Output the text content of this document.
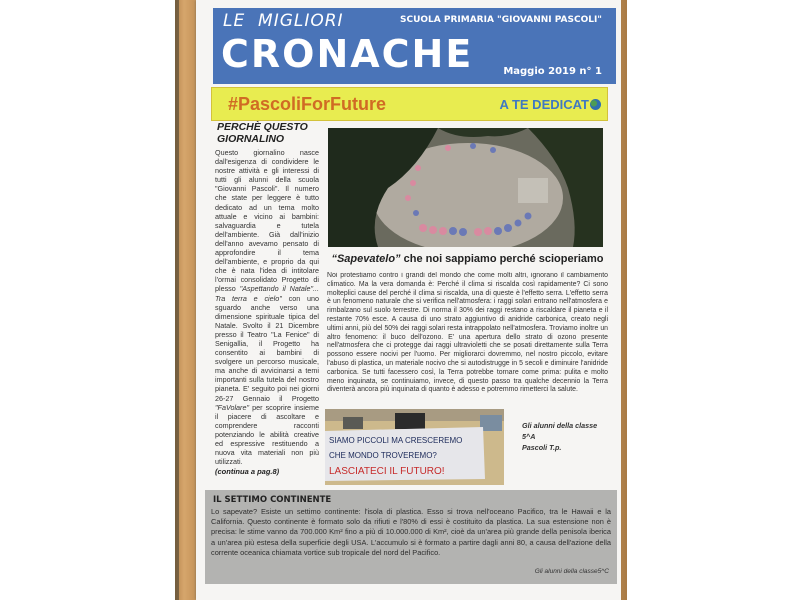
LE  MIGLIORI	SCUOLA PRIMARIA "GIOVANNI PASCOLI"
CRONACHE	Maggio 2019 n° 1
#PascoliForFuture	A TE DEDICAT
PERCHÈ QUESTO GIORNALINO
Questo giornalino nasce dall'esigenza di condividere le nostre attività e gli interessi di tutti gli alunni della scuola "Giovanni Pascoli". Il numero che state per leggere è tutto dedicato ad un tema molto attuale e vicino ai bambini: salvaguardia e tutela dell'ambiente. Già dall'inizio dell'anno avevamo pensato di approfondire il tema dell'ambiente, e proprio da qui che è nata l'idea di intitolare l'ormai consolidato Progetto di plesso "Aspettando il Natale"... Tra terra e cielo" con uno sguardo anche verso una dimensione spirituale tipica del Natale. Svolto il 21 Dicembre presso il Teatro "La Fenice" di Senigallia, il Progetto ha consentito ai bambini di svolgere un percorso musicale, ma anche di avvicinarsi a temi importanti sulla tutela del nostro pianeta. E' seguito poi nei giorni 26-27 Gennaio il Progetto "FaVolare" per scoprire insieme il piacere di ascoltare e comprendere racconti potenziando le abilità creative ed espressive restituendo a nuova vita materiali non più utilizzati.
(continua a pag.8)
“Sapevatelo” che noi sappiamo perché scioperiamo
Noi protestiamo contro i grandi del mondo che come molti altri, ignorano il cambiamento climatico. Ma la vera domanda è: Perché il clima si riscalda così rapidamente? Ci sono molteplici cause del perché il clima si riscalda, una di queste è l'effetto serra. L'effetto serra è un fenomeno naturale che si verifica nell'atmosfera: i raggi solari entrano nell'atmosfera e rimbalzano sul suolo terrestre. Di norma il 30% dei raggi restano a riscaldare il pianeta e il restante 70% esce. A causa di uno strato aggiuntivo di anidride carbonica, creato negli ultimi anni, più del 50% dei raggi solari resta intrappolato nell'atmosfera. Troviamo inoltre un altro fenomeno: il buco dell'ozono. E' una apertura dello strato di ozono presente nell'atmosfera che ci protegge dai raggi ultravioletti che se posati direttamente sulla Terra possono essere nocivi per l'uomo. Per migliorarci dovremmo, nel nostro piccolo, evitare l'abuso di plastica, un materiale nocivo che si autodistrugge in 5 secoli e diminuire l'anidride carbonica. Se tutti facessero così, la Terra potrebbe tornare come prima: pulita e molto meno inquinata, se continuiamo, invece, di questo passo tra qualche decennio la Terra diventerà ancora più inquinata di quanto è adesso e potremmo rimetterci la salute.
SIAMO PICCOLI MA CRESCEREMO
CHE MONDO TROVEREMO?
LASCIATECI IL FUTURO!
Gli alunni della classe 5^A
Pascoli T.p.
IL SETTIMO CONTINENTE
Lo sapevate? Esiste un settimo continente: l'isola di plastica. Esso si trova nell'oceano Pacifico, tra le Hawaii e la California. Questo continente è formato solo da rifiuti e l'80% di essi è costituito da plastica. La sua estensione non è precisa: le stime vanno da 700.000 Km² fino a più di 10.000.000 di Km², cioè da un'area più grande della penisola iberica a un'area più estesa della superficie degli USA. L'accumulo si è formato a partire dagli anni 80, a causa dell'azione della corrente oceanica chiamata vortice sub tropicale del nord del Pacifico.
Gli alunni della classe5^C
